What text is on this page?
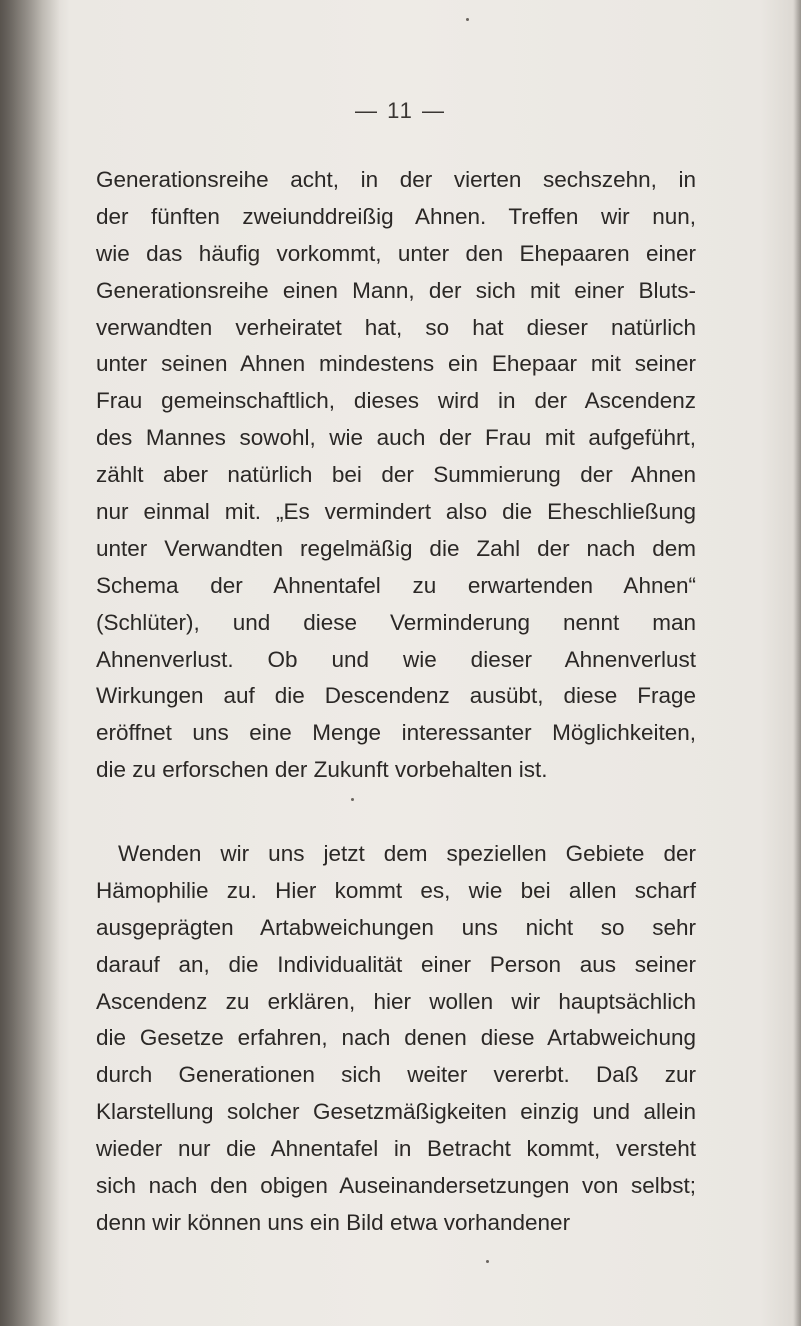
— 11 —
Generationsreihe acht, in der vierten sechszehn, in
der fünften zweiunddreißig Ahnen. Treffen wir nun,
wie das häufig vorkommt, unter den Ehepaaren einer
Generationsreihe einen Mann, der sich mit einer Bluts-
verwandten verheiratet hat, so hat dieser natürlich
unter seinen Ahnen mindestens ein Ehepaar mit seiner
Frau gemeinschaftlich, dieses wird in der Ascendenz
des Mannes sowohl, wie auch der Frau mit aufgeführt,
zählt aber natürlich bei der Summierung der Ahnen
nur einmal mit. „Es vermindert also die Eheschließung
unter Verwandten regelmäßig die Zahl der nach dem
Schema der Ahnentafel zu erwartenden Ahnen“
(Schlüter), und diese Verminderung nennt man
Ahnenverlust. Ob und wie dieser Ahnenverlust
Wirkungen auf die Descendenz ausübt, diese Frage
eröffnet uns eine Menge interessanter Möglichkeiten,
die zu erforschen der Zukunft vorbehalten ist.
Wenden wir uns jetzt dem speziellen Gebiete der
Hämophilie zu. Hier kommt es, wie bei allen scharf
ausgeprägten Artabweichungen uns nicht so sehr
darauf an, die Individualität einer Person aus seiner
Ascendenz zu erklären, hier wollen wir hauptsächlich
die Gesetze erfahren, nach denen diese Artabweichung
durch Generationen sich weiter vererbt. Daß zur
Klarstellung solcher Gesetzmäßigkeiten einzig und allein
wieder nur die Ahnentafel in Betracht kommt, versteht
sich nach den obigen Auseinandersetzungen von selbst;
denn wir können uns ein Bild etwa vorhandener
